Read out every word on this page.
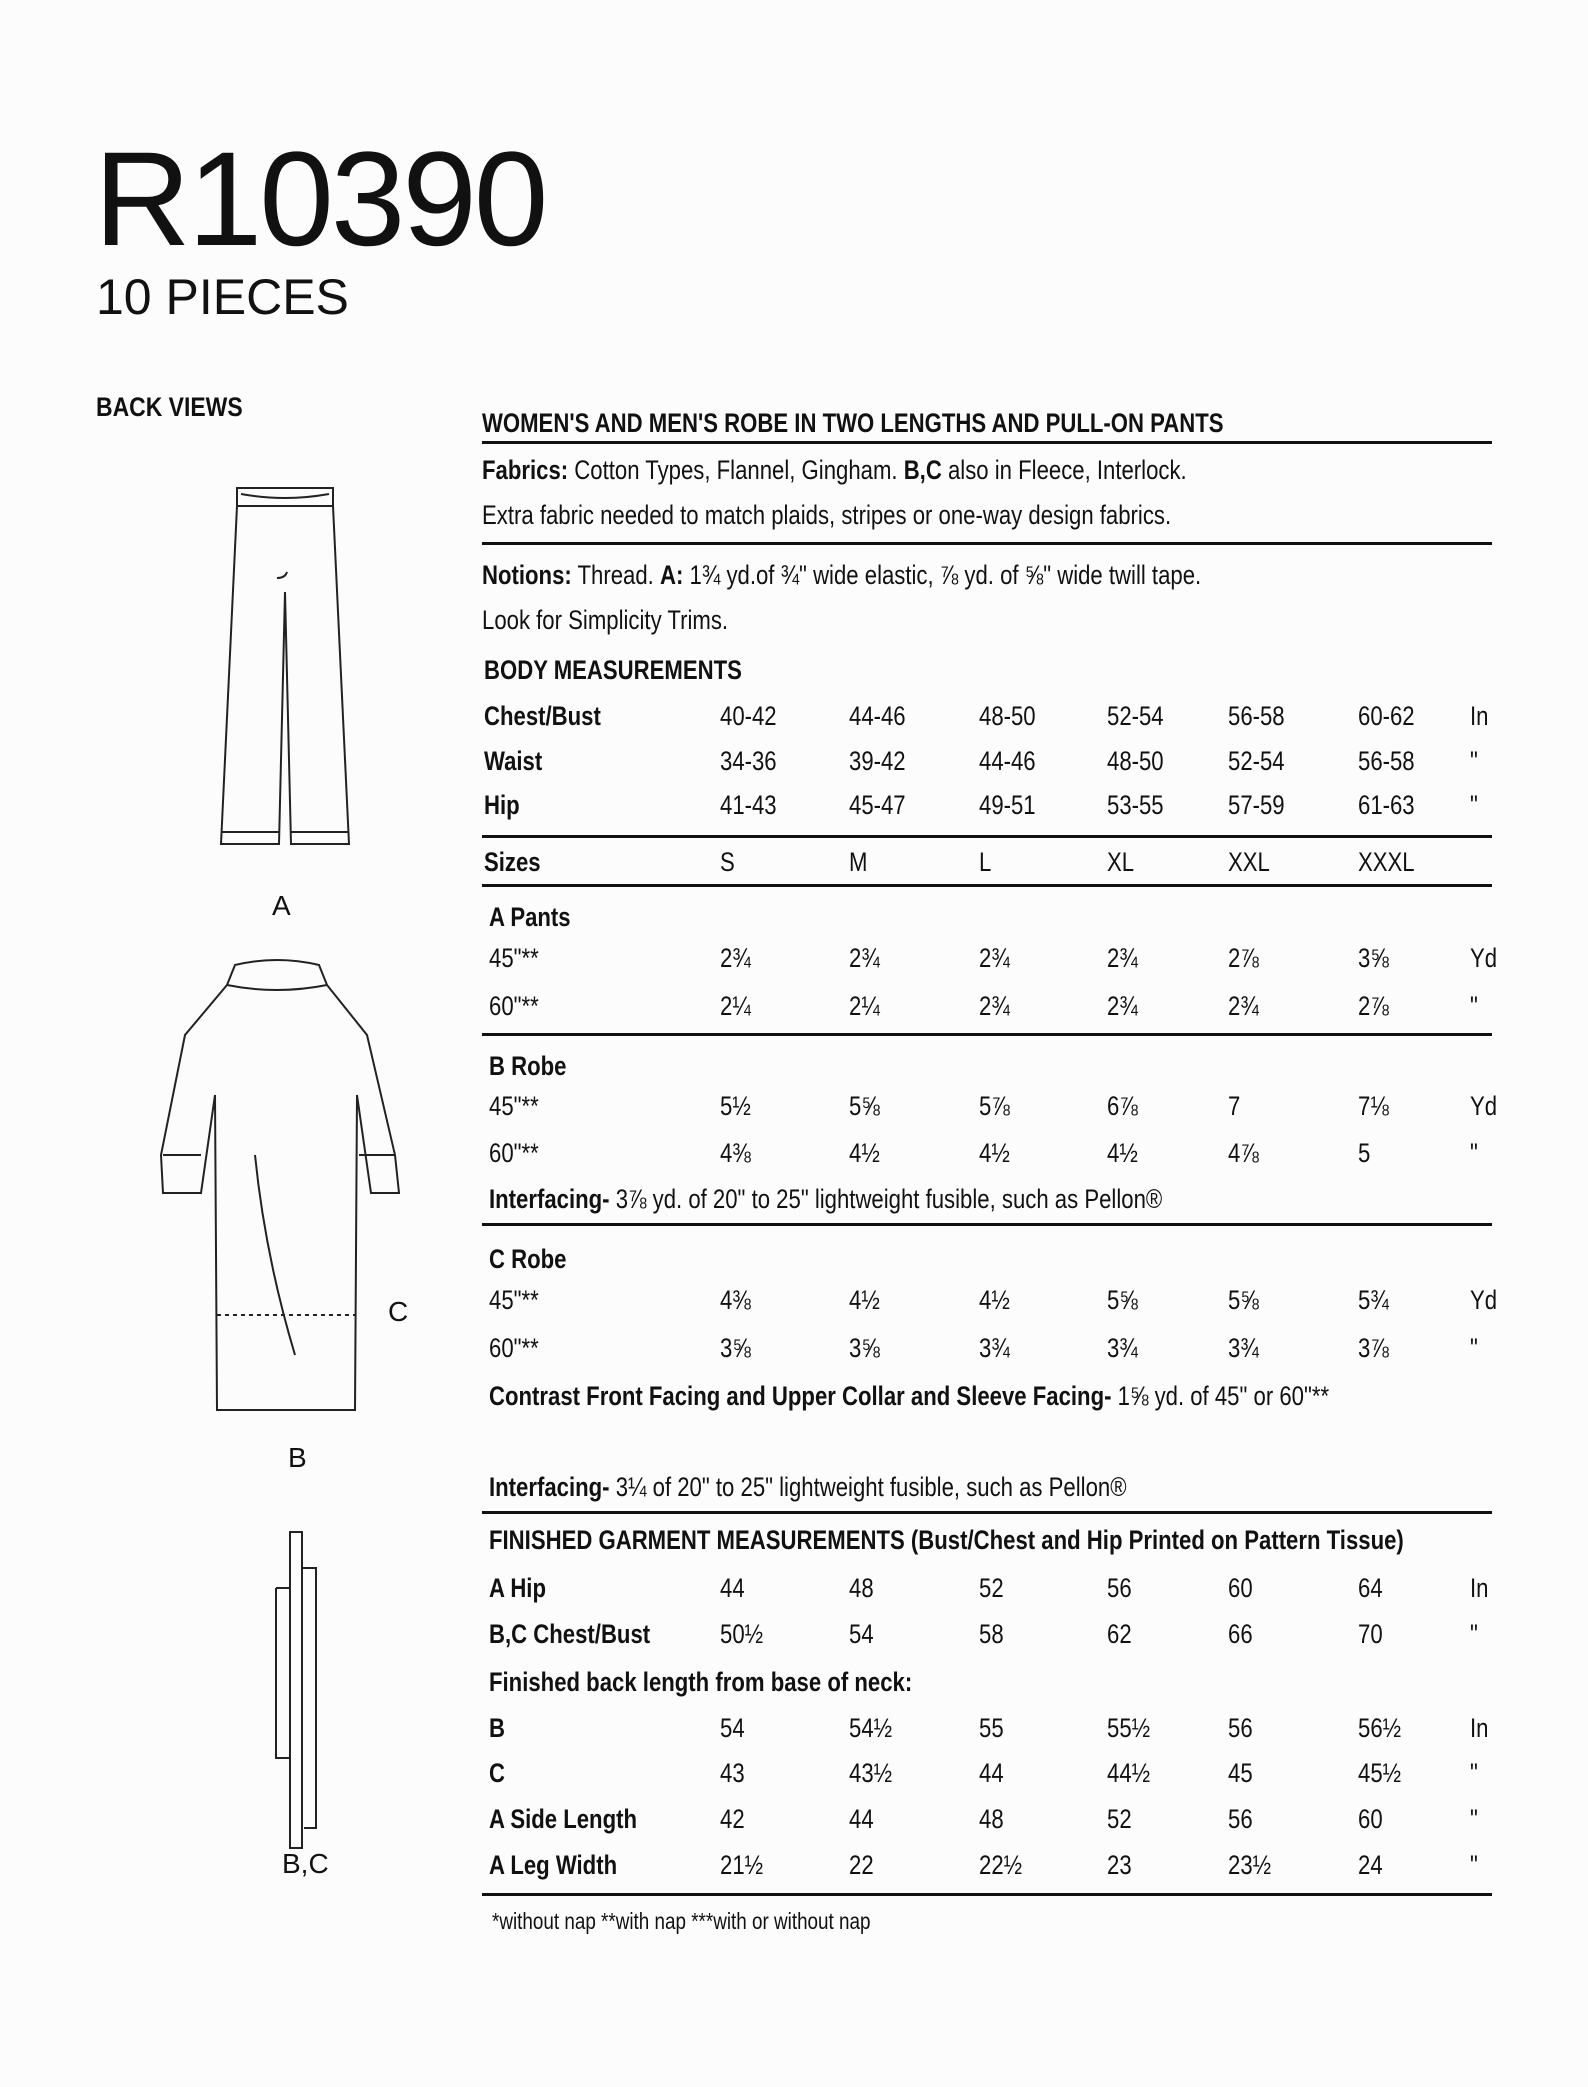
R10390
10 PIECES
BACK VIEWS
A
C
B
B,C
WOMEN'S AND MEN'S ROBE IN TWO LENGTHS AND PULL-ON PANTS
Fabrics: Cotton Types, Flannel, Gingham. B,C also in Fleece, Interlock.
Extra fabric needed to match plaids, stripes or one-way design fabrics.
Notions: Thread. A: 1¾ yd.of ¾" wide elastic, ⅞ yd. of ⅝" wide twill tape.
Look for Simplicity Trims.
BODY MEASUREMENTS
Chest/Bust	40-42	44-46	48-50	52-54 56-58	60-62 In
Waist	34-36	39-42	44-46	48-50 52-54	56-58 "
Hip	41-43	45-47	49-51	53-55 57-59	61-63 "
Sizes	S	M	L	XL	XXL	XXXL
A Pants
45"**	2¾	2¾	2¾	2¾	2⅞	3⅝	Yd
60"**	2¼	2¼	2¾	2¾	2¾	2⅞	"
B Robe
45"**	5½	5⅝	5⅞	6⅞	7	7⅛	Yd
60"**	4⅜	4½	4½	4½	4⅞	5	"
Interfacing- 3⅞ yd. of 20" to 25" lightweight fusible, such as Pellon®
C Robe
45"**	4⅜	4½	4½	5⅝	5⅝	5¾	Yd
60"**	3⅝	3⅝	3¾	3¾	3¾	3⅞	"
Contrast Front Facing and Upper Collar and Sleeve Facing- 1⅝ yd. of 45" or 60"**
Interfacing- 3¼ of 20" to 25" lightweight fusible, such as Pellon®
FINISHED GARMENT MEASUREMENTS (Bust/Chest and Hip Printed on Pattern Tissue)
A Hip	44	48	52	56	60	64	In
B,C Chest/Bust	50½	54	58	62	66	70	"
Finished back length from base of neck:
B	54	54½	55	55½	56	56½	In
C	43	43½	44	44½	45	45½	"
A Side Length	42	44	48	52	56	60	"
A Leg Width	21½	22	22½	23	23½	24	"
*without nap **with nap ***with or without nap
